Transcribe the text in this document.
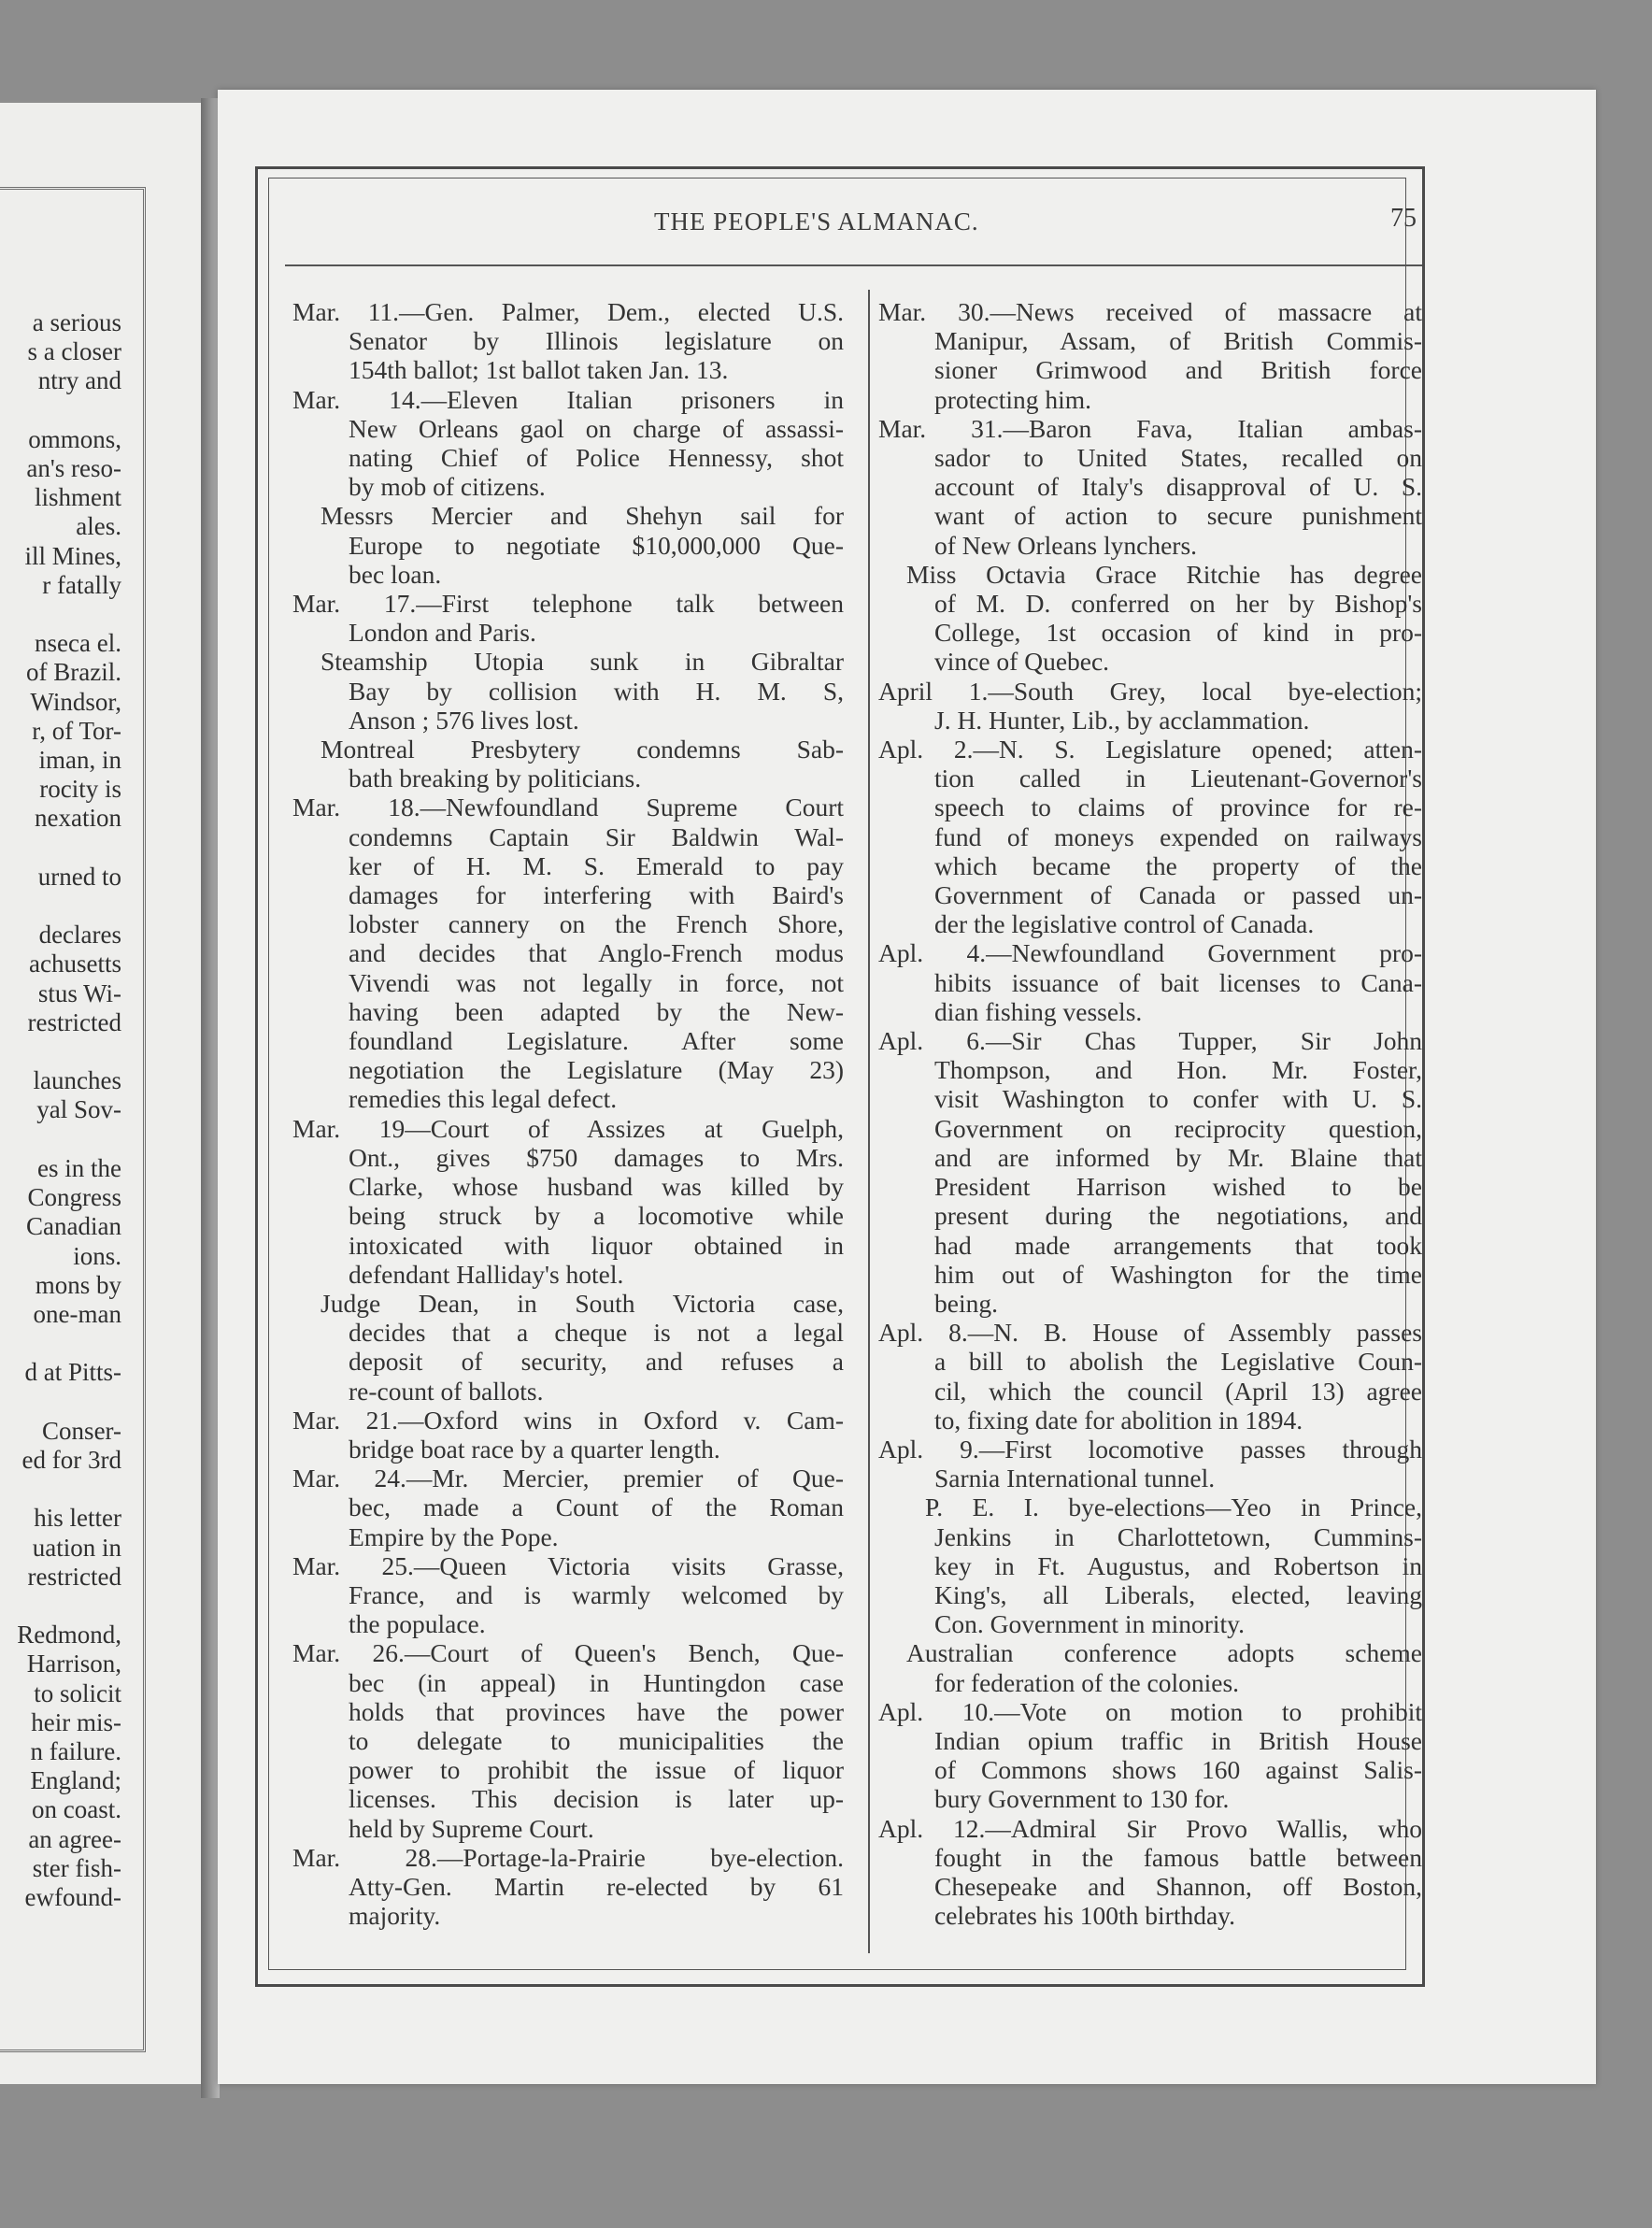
a serious
s a closer
ntry and

ommons,
an's reso-
lishment
ales.
ill Mines,
r fatally

nseca el.
of Brazil.
Windsor,
r, of Tor-
iman, in
rocity is
nexation

urned to

declares
achusetts
stus Wi-
restricted

launches
yal Sov-

es in the
Congress
Canadian
ions.
mons by
one-man

d at Pitts-

Conser-
ed for 3rd

his letter
uation in
restricted

Redmond,
Harrison,
to solicit
heir mis-
n failure.
England;
on coast.
an agree-
ster fish-
ewfound-
THE PEOPLE'S ALMANAC.	75
Mar. 11.—Gen. Palmer, Dem., elected U.S.
Senator by Illinois legislature on
154th ballot; 1st ballot taken Jan. 13.
Mar. 14.—Eleven Italian prisoners in
New Orleans gaol on charge of assassi-
nating Chief of Police Hennessy, shot
by mob of citizens.
Messrs Mercier and Shehyn sail for
Europe to negotiate $10,000,000 Que-
bec loan.
Mar. 17.—First telephone talk between
London and Paris.
Steamship Utopia sunk in Gibraltar
Bay by collision with H. M. S,
Anson ; 576 lives lost.
Montreal Presbytery condemns Sab-
bath breaking by politicians.
Mar. 18.—Newfoundland Supreme Court
condemns Captain Sir Baldwin Wal-
ker of H. M. S. Emerald to pay
damages for interfering with Baird's
lobster cannery on the French Shore,
and decides that Anglo-French modus
Vivendi was not legally in force, not
having been adapted by the New-
foundland Legislature. After some
negotiation the Legislature (May 23)
remedies this legal defect.
Mar. 19—Court of Assizes at Guelph,
Ont., gives $750 damages to Mrs.
Clarke, whose husband was killed by
being struck by a locomotive while
intoxicated with liquor obtained in
defendant Halliday's hotel.
Judge Dean, in South Victoria case,
decides that a cheque is not a legal
deposit of security, and refuses a
re-count of ballots.
Mar. 21.—Oxford wins in Oxford v. Cam-
bridge boat race by a quarter length.
Mar. 24.—Mr. Mercier, premier of Que-
bec, made a Count of the Roman
Empire by the Pope.
Mar. 25.—Queen Victoria visits Grasse,
France, and is warmly welcomed by
the populace.
Mar. 26.—Court of Queen's Bench, Que-
bec (in appeal) in Huntingdon case
holds that provinces have the power
to delegate to municipalities the
power to prohibit the issue of liquor
licenses. This decision is later up-
held by Supreme Court.
Mar. 28.—Portage-la-Prairie bye-election.
Atty-Gen. Martin re-elected by 61
majority.
Mar. 30.—News received of massacre at
Manipur, Assam, of British Commis-
sioner Grimwood and British force
protecting him.
Mar. 31.—Baron Fava, Italian ambas-
sador to United States, recalled on
account of Italy's disapproval of U. S.
want of action to secure punishment
of New Orleans lynchers.
Miss Octavia Grace Ritchie has degree
of M. D. conferred on her by Bishop's
College, 1st occasion of kind in pro-
vince of Quebec.
April 1.—South Grey, local bye-election;
J. H. Hunter, Lib., by acclammation.
Apl. 2.—N. S. Legislature opened; atten-
tion called in Lieutenant-Governor's
speech to claims of province for re-
fund of moneys expended on railways
which became the property of the
Government of Canada or passed un-
der the legislative control of Canada.
Apl. 4.—Newfoundland Government pro-
hibits issuance of bait licenses to Cana-
dian fishing vessels.
Apl. 6.—Sir Chas Tupper, Sir John
Thompson, and Hon. Mr. Foster,
visit Washington to confer with U. S.
Government on reciprocity question,
and are informed by Mr. Blaine that
President Harrison wished to be
present during the negotiations, and
had made arrangements that took
him out of Washington for the time
being.
Apl. 8.—N. B. House of Assembly passes
a bill to abolish the Legislative Coun-
cil, which the council (April 13) agree
to, fixing date for abolition in 1894.
Apl. 9.—First locomotive passes through
Sarnia International tunnel.
P. E. I. bye-elections—Yeo in Prince,
Jenkins in Charlottetown, Cummins-
key in Ft. Augustus, and Robertson in
King's, all Liberals, elected, leaving
Con. Government in minority.
Australian conference adopts scheme
for federation of the colonies.
Apl. 10.—Vote on motion to prohibit
Indian opium traffic in British House
of Commons shows 160 against Salis-
bury Government to 130 for.
Apl. 12.—Admiral Sir Provo Wallis, who
fought in the famous battle between
Chesepeake and Shannon, off Boston,
celebrates his 100th birthday.
